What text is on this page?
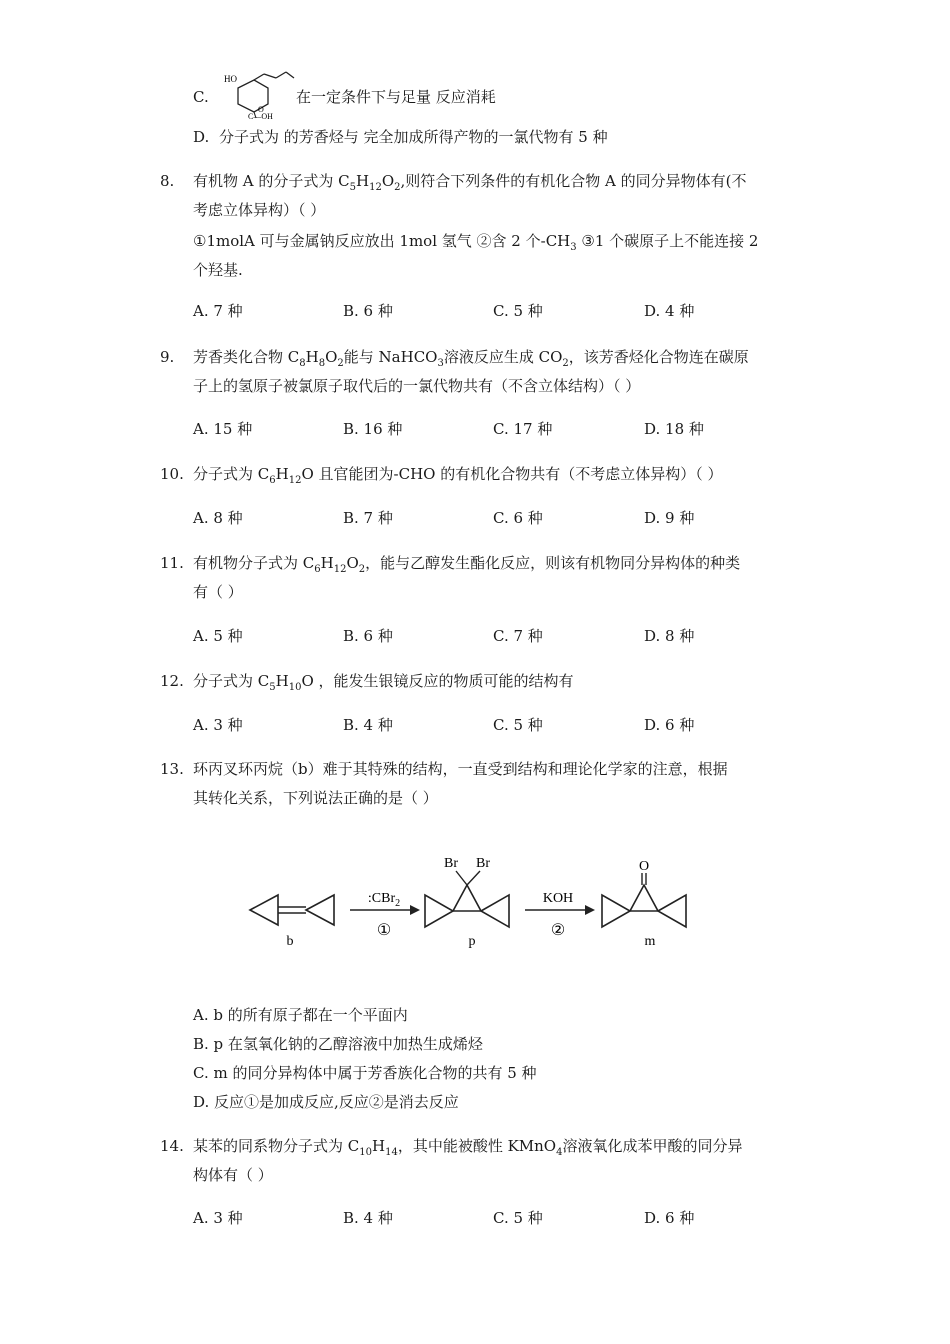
C.
HO
O
C—OH
在一定条件下与足量 反应消耗
D. 分子式为 的芳香烃与 完全加成所得产物的一氯代物有 5 种
8. 有机物 A 的分子式为 $C_5H_{12}O_2$,则符合下列条件的有机化合物 A 的同分异物体有(不
考虑立体异构）（ ）
①1molA 可与金属钠反应放出 1mol 氢气 ②含 2 个$-CH_3$ ③1 个碳原子上不能连接 2
个羟基.
A. 7 种	B. 6 种	C. 5 种	D. 4 种
9. 芳香类化合物 $C_8H_8O_2$能与 NaHCO$_3$溶液反应生成 $CO_2$，该芳香烃化合物连在碳原
子上的氢原子被氯原子取代后的一氯代物共有（不含立体结构）（ ）
A. 15 种	B. 16 种	C. 17 种	D. 18 种
10. 分子式为 $C_6H_{12}O$ 且官能团为-CHO 的有机化合物共有（不考虑立体异构）（ ）
A. 8 种	B. 7 种	C. 6 种	D. 9 种
11. 有机物分子式为 $C_6H_{12}O_2$，能与乙醇发生酯化反应，则该有机物同分异构体的种类
有（ ）
A. 5 种	B. 6 种	C. 7 种	D. 8 种
12. 分子式为 $C_5H_{10}O$ ，能发生银镜反应的物质可能的结构有
A. 3 种	B. 4 种	C. 5 种	D. 6 种
13. 环丙叉环丙烷（b）难于其特殊的结构，一直受到结构和理论化学家的注意，根据
其转化关系，下列说法正确的是（ ）
b
:CBr$_2$
①
Br Br
p
KOH
②
O
m
A. b 的所有原子都在一个平面内
B. p 在氢氧化钠的乙醇溶液中加热生成烯烃
C. m 的同分异构体中属于芳香族化合物的共有 5 种
D. 反应①是加成反应,反应②是消去反应
14. 某苯的同系物分子式为 $C_{10}H_{14}$，其中能被酸性 KMnO$_4$溶液氧化成苯甲酸的同分异
构体有（ ）
A. 3 种	B. 4 种	C. 5 种	D. 6 种
